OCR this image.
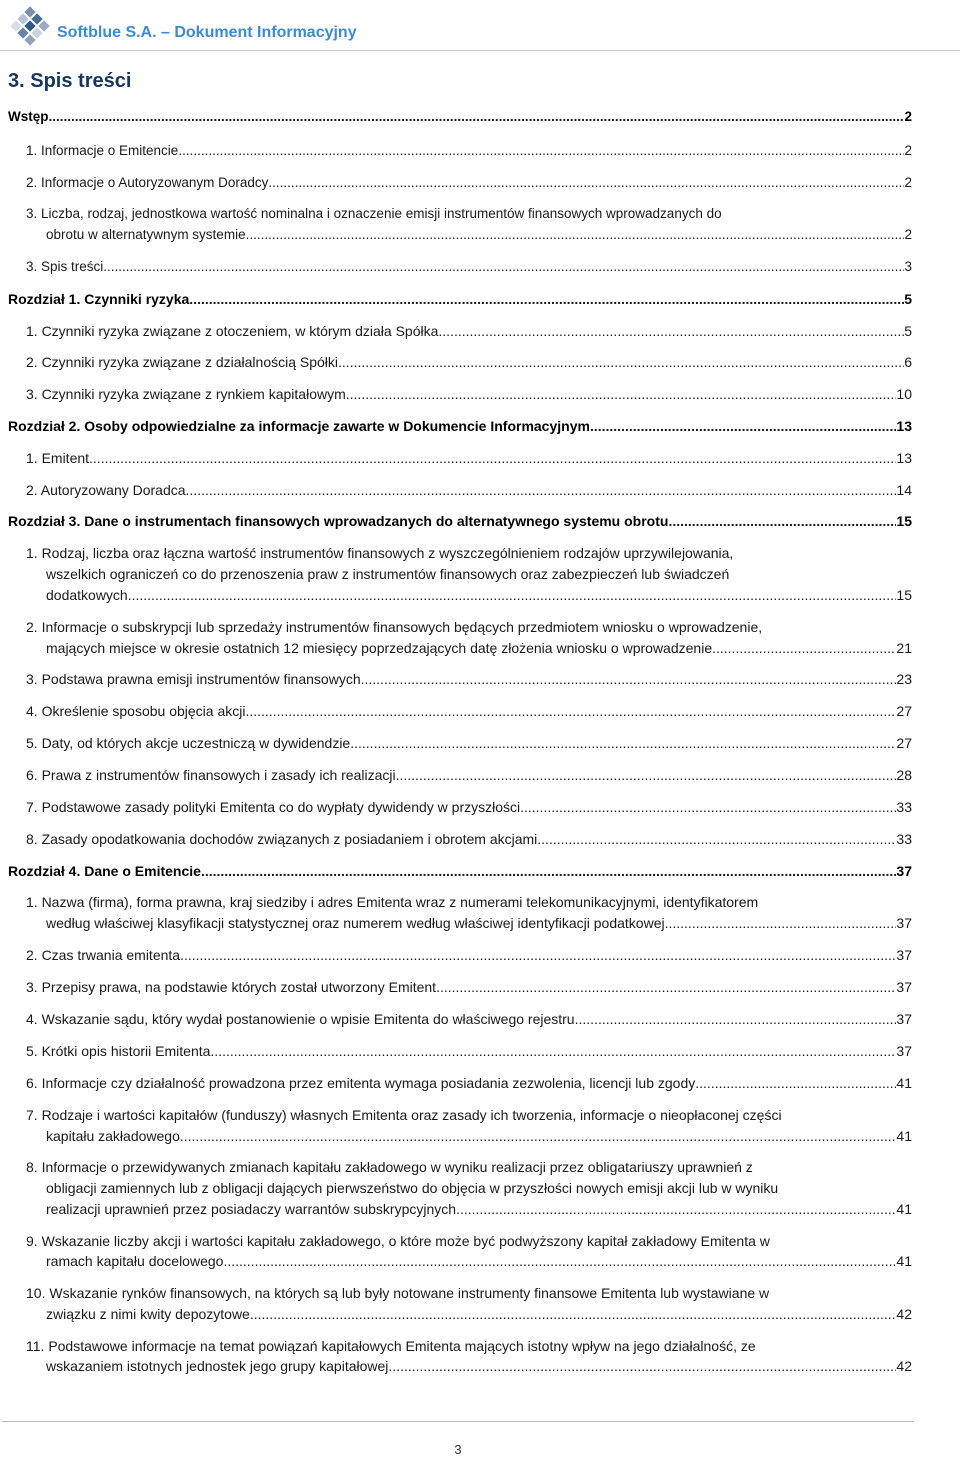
Softblue S.A. – Dokument Informacyjny
3. Spis treści
Wstęp .....	2
1. Informacje o Emitencie .....	2
2. Informacje o Autoryzowanym Doradcy .....	2
3. Liczba, rodzaj, jednostkowa wartość nominalna i oznaczenie emisji instrumentów finansowych wprowadzanych do
obrotu w alternatywnym systemie .....	2
3. Spis treści .....	3
Rozdział 1. Czynniki ryzyka .....	5
1. Czynniki ryzyka związane z otoczeniem, w którym działa Spółka .....	5
2. Czynniki ryzyka związane z działalnością Spółki .....	6
3. Czynniki ryzyka związane z rynkiem kapitałowym .....	10
Rozdział 2. Osoby odpowiedzialne za informacje zawarte w Dokumencie Informacyjnym .....	13
1. Emitent .....	13
2. Autoryzowany Doradca .....	14
Rozdział 3. Dane o instrumentach finansowych wprowadzanych do alternatywnego systemu obrotu .....	15
1. Rodzaj, liczba oraz łączna wartość instrumentów finansowych z wyszczególnieniem rodzajów uprzywilejowania,
wszelkich ograniczeń co do przenoszenia praw z instrumentów finansowych oraz zabezpieczeń lub świadczeń
dodatkowych .....	15
2. Informacje o subskrypcji lub sprzedaży instrumentów finansowych będących przedmiotem wniosku o wprowadzenie,
mających miejsce w okresie ostatnich 12 miesięcy poprzedzających datę złożenia wniosku o wprowadzenie .....	21
3. Podstawa prawna emisji instrumentów finansowych .....	23
4. Określenie sposobu objęcia akcji .....	27
5. Daty, od których akcje uczestniczą w dywidendzie .....	27
6. Prawa z instrumentów finansowych i zasady ich realizacji .....	28
7. Podstawowe zasady polityki Emitenta co do wypłaty dywidendy w przyszłości .....	33
8. Zasady opodatkowania dochodów związanych z posiadaniem i obrotem akcjami .....	33
Rozdział 4. Dane o Emitencie .....	37
1. Nazwa (firma), forma prawna, kraj siedziby i adres Emitenta wraz z numerami telekomunikacyjnymi, identyfikatorem
według właściwej klasyfikacji statystycznej oraz numerem według właściwej identyfikacji podatkowej .....	37
2. Czas trwania emitenta .....	37
3. Przepisy prawa, na podstawie których został utworzony Emitent .....	37
4. Wskazanie sądu, który wydał postanowienie o wpisie Emitenta do właściwego rejestru .....	37
5. Krótki opis historii Emitenta .....	37
6. Informacje czy działalność prowadzona przez emitenta wymaga posiadania zezwolenia, licencji lub zgody .....	41
7. Rodzaje i wartości kapitałów (funduszy) własnych Emitenta oraz zasady ich tworzenia, informacje o nieopłaconej części
kapitału zakładowego .....	41
8. Informacje o przewidywanych zmianach kapitału zakładowego w wyniku realizacji przez obligatariuszy uprawnień z
obligacji zamiennych lub z obligacji dających pierwszeństwo do objęcia w przyszłości nowych emisji akcji lub w wyniku
realizacji uprawnień przez posiadaczy warrantów subskrypcyjnych .....	41
9. Wskazanie liczby akcji i wartości kapitału zakładowego, o które może być podwyższony kapitał zakładowy Emitenta w
ramach kapitału docelowego .....	41
10. Wskazanie rynków finansowych, na których są lub były notowane instrumenty finansowe Emitenta lub wystawiane w
związku z nimi kwity depozytowe .....	42
11. Podstawowe informacje na temat powiązań kapitałowych Emitenta mających istotny wpływ na jego działalność, ze
wskazaniem istotnych jednostek jego grupy kapitałowej .....	42
3
